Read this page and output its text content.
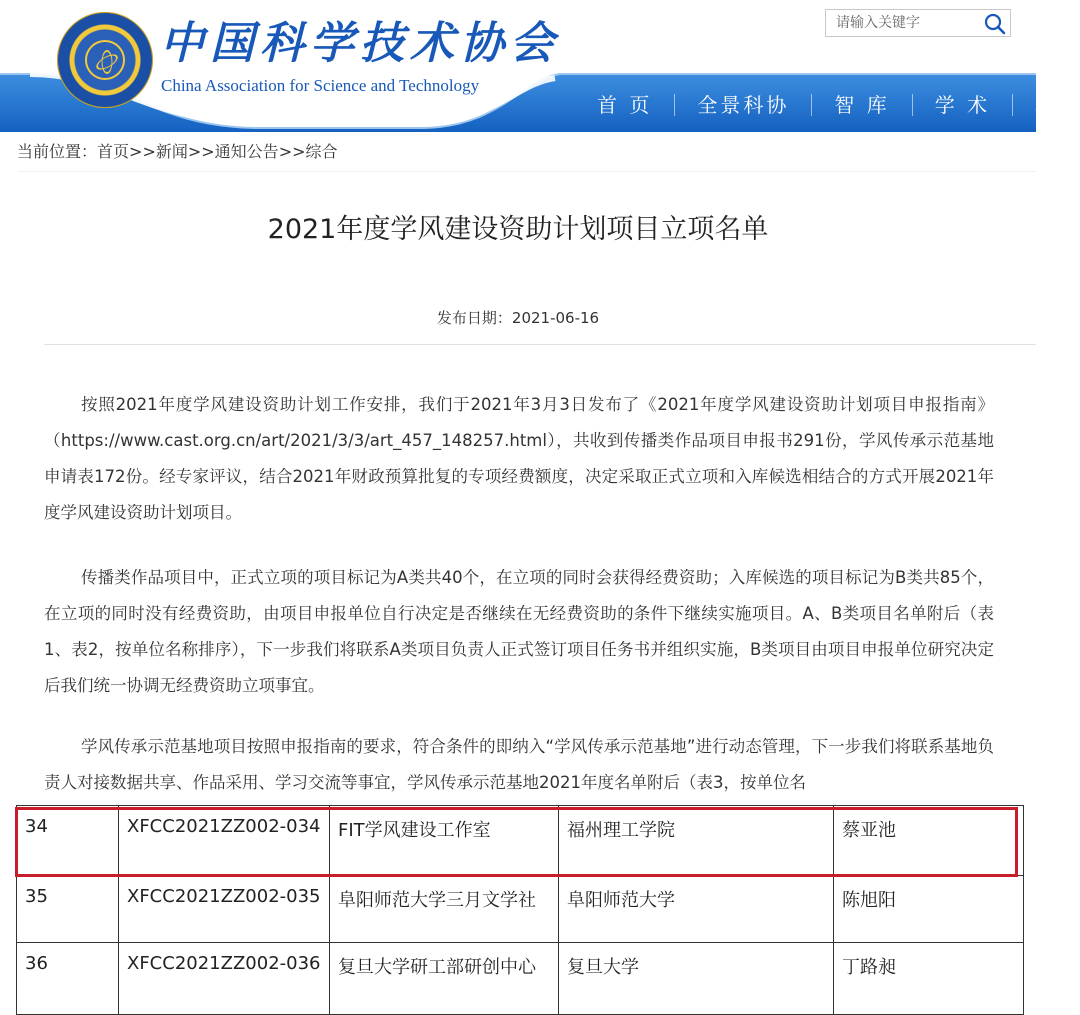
中国科学技术协会
China Association for Science and Technology
请输入关键字
首 页	全景科协	智 库	学 术	科
当前位置：首页>>新闻>>通知公告>>综合
2021年度学风建设资助计划项目立项名单
发布日期：2021-06-16
按照2021年度学风建设资助计划工作安排，我们于2021年3月3日发布了《2021年度学风建设资助计划项目申报指南》（https://www.cast.org.cn/art/2021/3/3/art_457_148257.html），共收到传播类作品项目申报书291份，学风传承示范基地申请表172份。经专家评议，结合2021年财政预算批复的专项经费额度，决定采取正式立项和入库候选相结合的方式开展2021年度学风建设资助计划项目。
传播类作品项目中，正式立项的项目标记为A类共40个，在立项的同时会获得经费资助；入库候选的项目标记为B类共85个，在立项的同时没有经费资助，由项目申报单位自行决定是否继续在无经费资助的条件下继续实施项目。A、B类项目名单附后（表1、表2，按单位名称排序），下一步我们将联系A类项目负责人正式签订项目任务书并组织实施，B类项目由项目申报单位研究决定后我们统一协调无经费资助立项事宜。
学风传承示范基地项目按照申报指南的要求，符合条件的即纳入“学风传承示范基地”进行动态管理，下一步我们将联系基地负责人对接数据共享、作品采用、学习交流等事宜，学风传承示范基地2021年度名单附后（表3，按单位名
34	XFCC2021ZZ002-034	FIT学风建设工作室	福州理工学院	蔡亚池
35	XFCC2021ZZ002-035	阜阳师范大学三月文学社	阜阳师范大学	陈旭阳
36	XFCC2021ZZ002-036	复旦大学研工部研创中心	复旦大学	丁路昶
